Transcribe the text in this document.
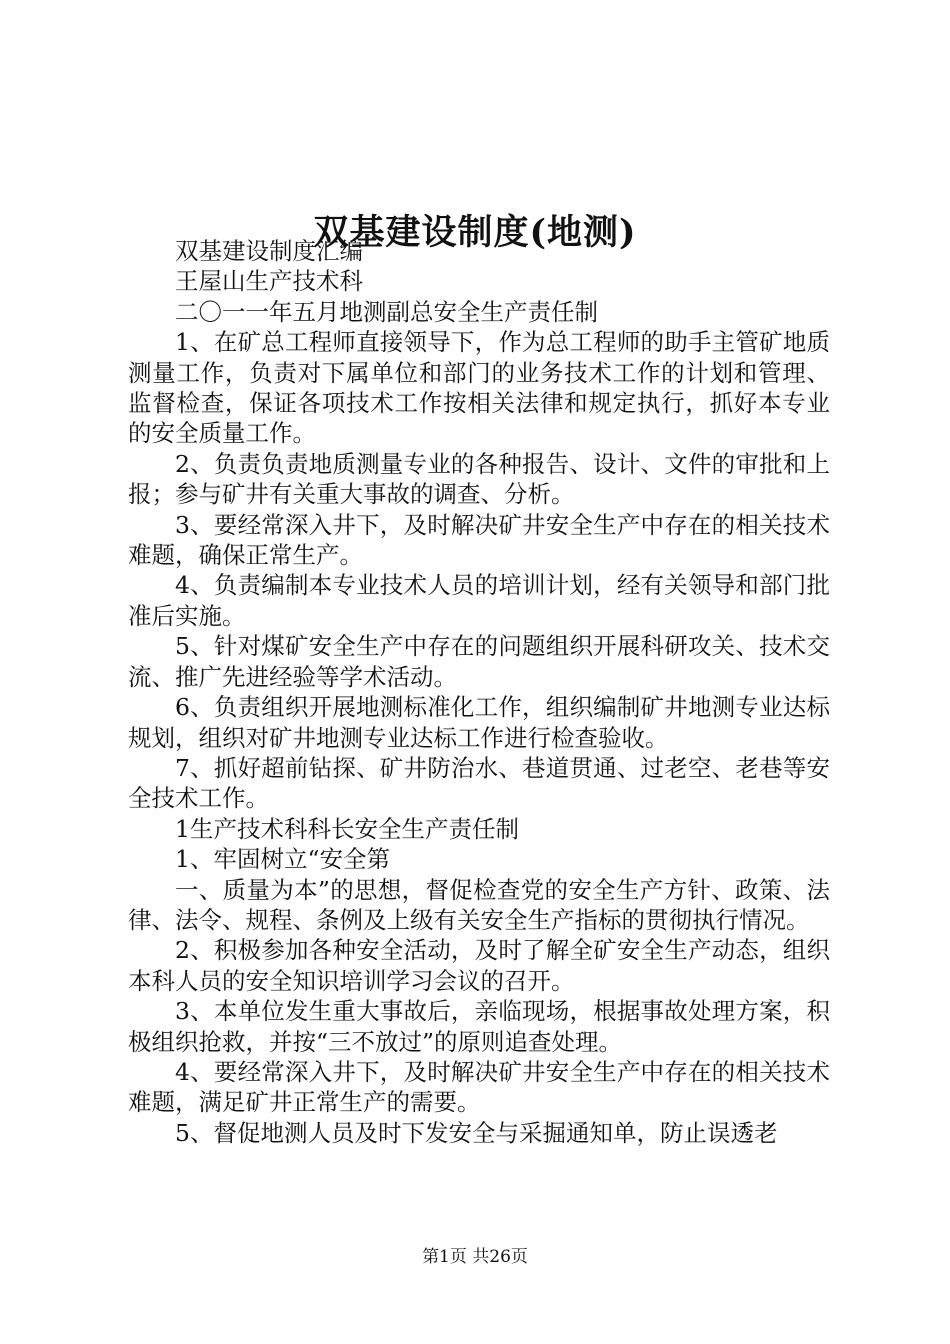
双基建设制度(地测)

双基建设制度汇编

王屋山生产技术科

二〇一一年五月地测副总安全生产责任制

1、在矿总工程师直接领导下，作为总工程师的助手主管矿地质测量工作，负责对下属单位和部门的业务技术工作的计划和管理、监督检查，保证各项技术工作按相关法律和规定执行，抓好本专业的安全质量工作。

2、负责负责地质测量专业的各种报告、设计、文件的审批和上报；参与矿井有关重大事故的调查、分析。

3、要经常深入井下，及时解决矿井安全生产中存在的相关技术难题，确保正常生产。

4、负责编制本专业技术人员的培训计划，经有关领导和部门批准后实施。

5、针对煤矿安全生产中存在的问题组织开展科研攻关、技术交流、推广先进经验等学术活动。

6、负责组织开展地测标准化工作，组织编制矿井地测专业达标规划，组织对矿井地测专业达标工作进行检查验收。

7、抓好超前钻探、矿井防治水、巷道贯通、过老空、老巷等安全技术工作。

1生产技术科科长安全生产责任制

1、牢固树立“安全第

一、质量为本”的思想，督促检查党的安全生产方针、政策、法律、法令、规程、条例及上级有关安全生产指标的贯彻执行情况。

2、积极参加各种安全活动，及时了解全矿安全生产动态，组织本科人员的安全知识培训学习会议的召开。

3、本单位发生重大事故后，亲临现场，根据事故处理方案，积极组织抢救，并按“三不放过”的原则追查处理。

4、要经常深入井下，及时解决矿井安全生产中存在的相关技术难题，满足矿井正常生产的需要。

5、督促地测人员及时下发安全与采掘通知单，防止误透老

第1页 共26页
